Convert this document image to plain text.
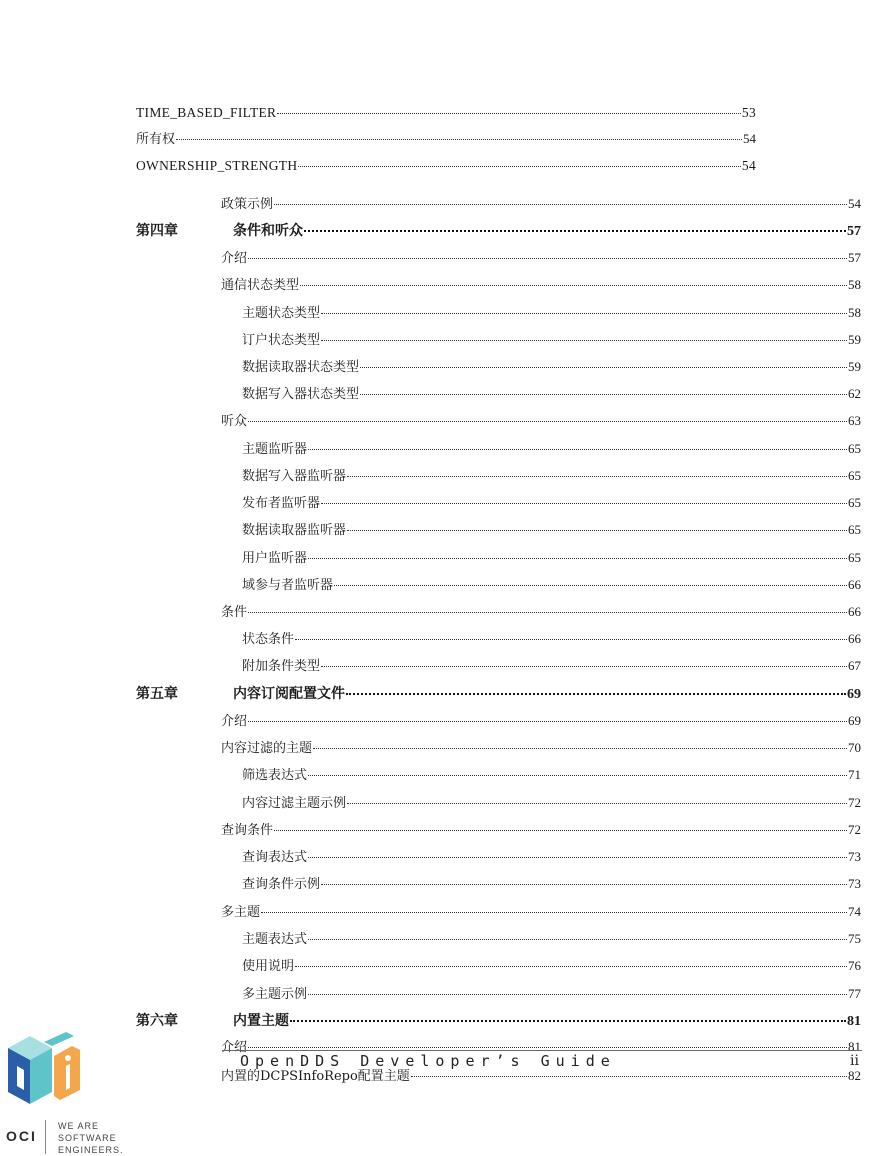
TIME_BASED_FILTER	53
所有权	54
OWNERSHIP_STRENGTH	54
政策示例	54
第四章	条件和听众	57
介绍	57
通信状态类型	58
主题状态类型	58
订户状态类型	59
数据读取器状态类型	59
数据写入器状态类型	62
听众	63
主题监听器	65
数据写入器监听器	65
发布者监听器	65
数据读取器监听器	65
用户监听器	65
域参与者监听器	66
条件	66
状态条件	66
附加条件类型	67
第五章	内容订阅配置文件	69
介绍	69
内容过滤的主题	70
筛选表达式	71
内容过滤主题示例	72
查询条件	72
查询表达式	73
查询条件示例	73
多主题	74
主题表达式	75
使用说明	76
多主题示例	77
第六章	内置主题	81
介绍	81
内置的DCPSInfoRepo配置主题	82
OpenDDS Developer’s Guide	ii
OCI
WE ARE
SOFTWARE
ENGINEERS.
